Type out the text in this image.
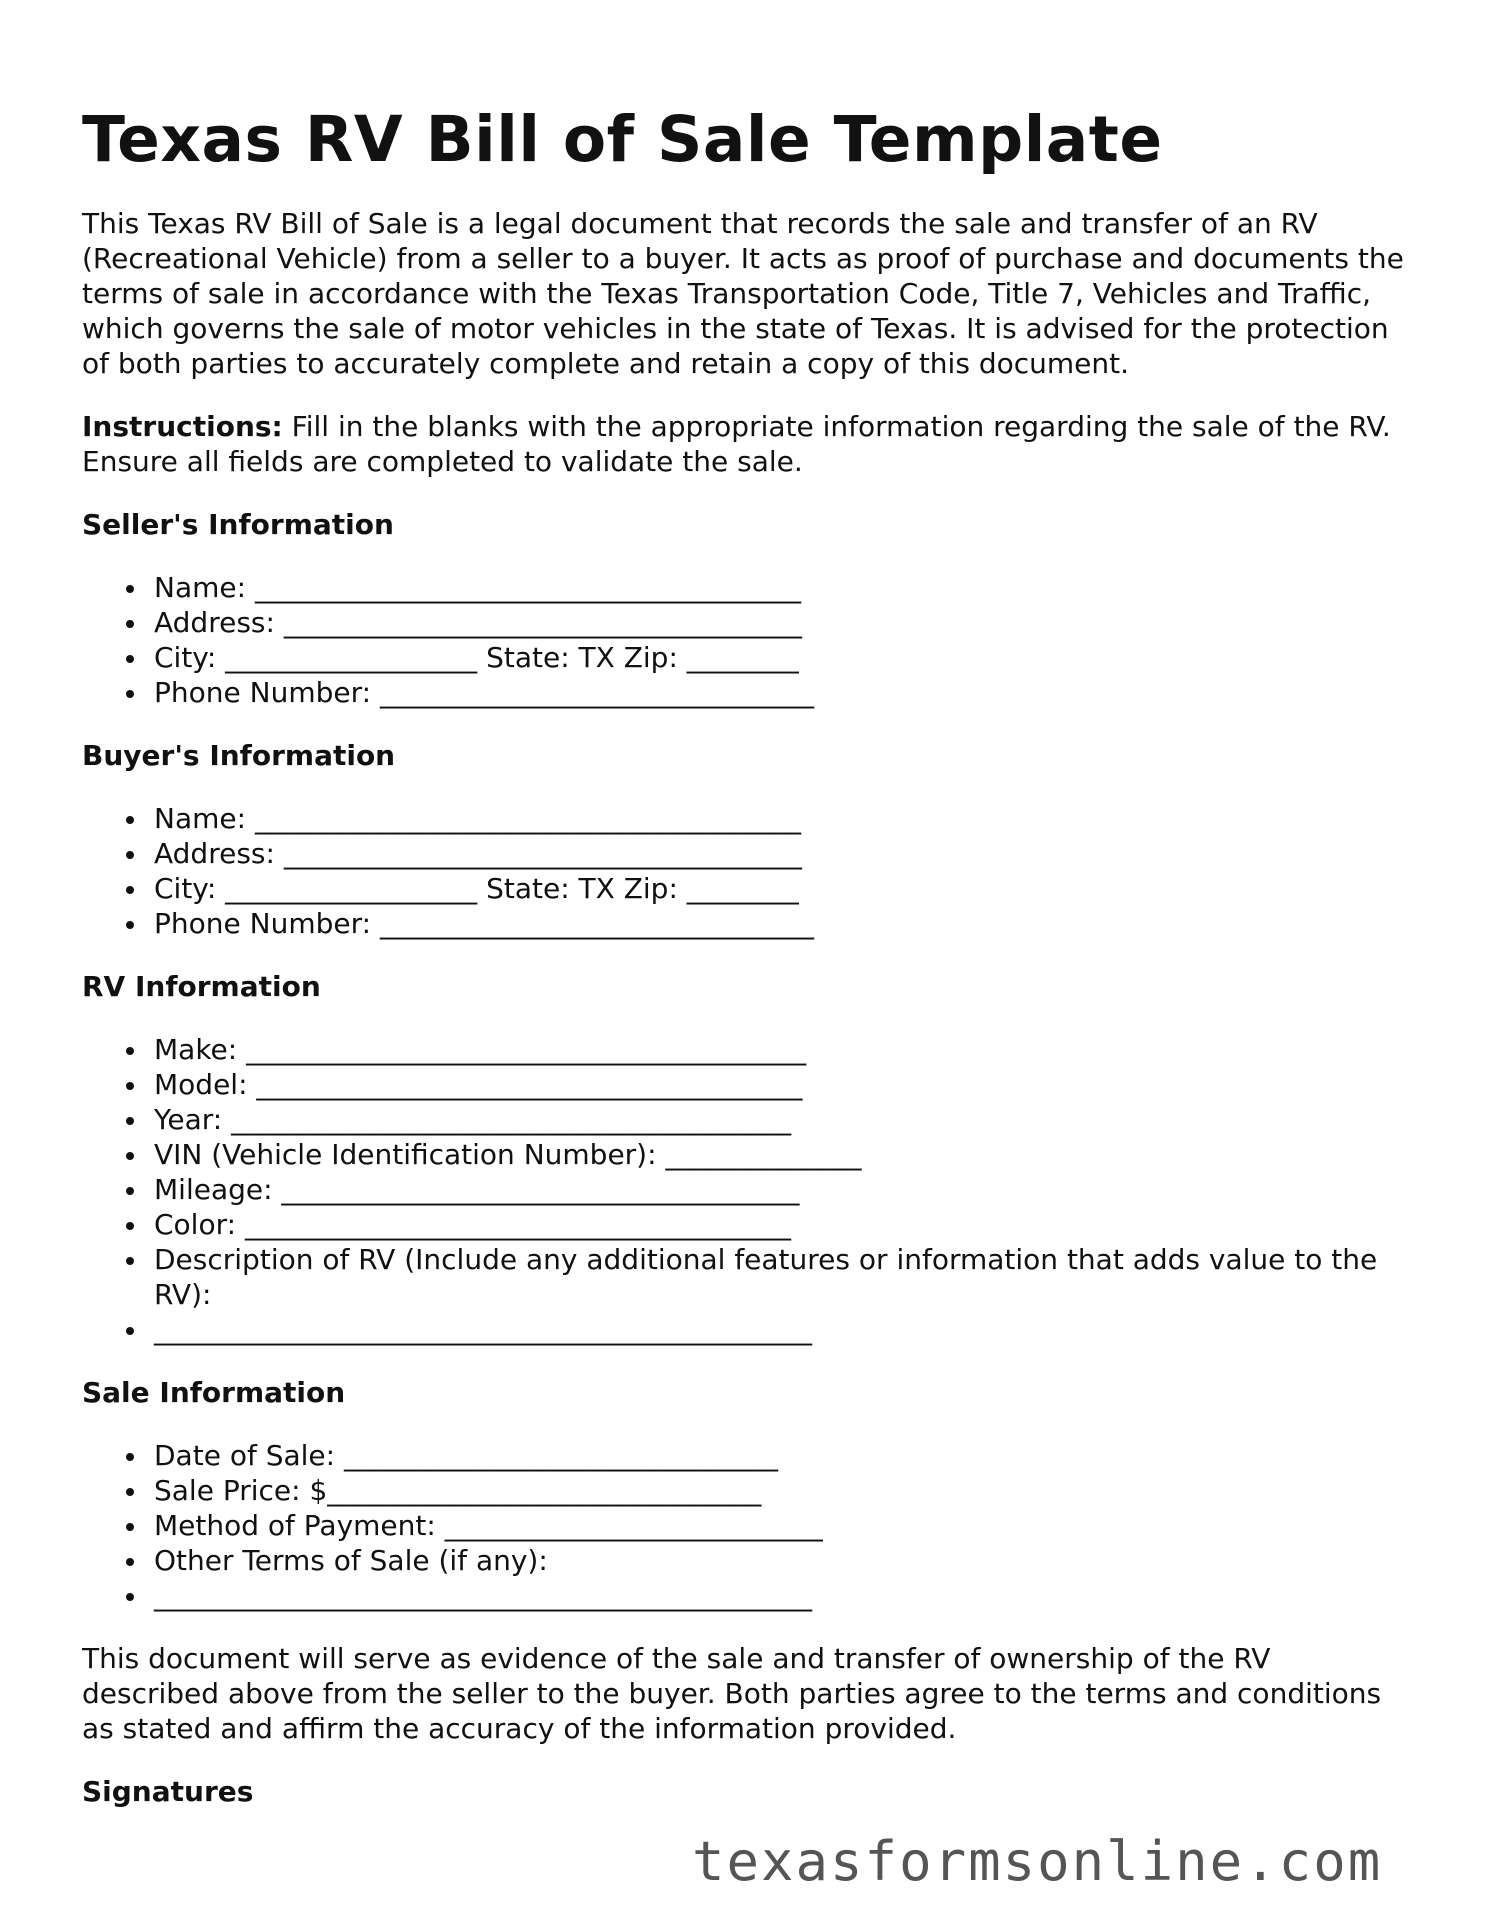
Texas RV Bill of Sale Template

This Texas RV Bill of Sale is a legal document that records the sale and transfer of an RV (Recreational Vehicle) from a seller to a buyer. It acts as proof of purchase and documents the terms of sale in accordance with the Texas Transportation Code, Title 7, Vehicles and Traffic, which governs the sale of motor vehicles in the state of Texas. It is advised for the protection of both parties to accurately complete and retain a copy of this document.

Instructions: Fill in the blanks with the appropriate information regarding the sale of the RV. Ensure all fields are completed to validate the sale.

Seller's Information
Name: _______________________________________
Address: _____________________________________
City: __________________ State: TX Zip: ________
Phone Number: _______________________________
Buyer's Information
Name: _______________________________________
Address: _____________________________________
City: __________________ State: TX Zip: ________
Phone Number: _______________________________
RV Information
Make: ________________________________________
Model: _______________________________________
Year: ________________________________________
VIN (Vehicle Identification Number): ______________
Mileage: _____________________________________
Color: _______________________________________
Description of RV (Include any additional features or information that adds value to the RV):
_______________________________________________
Sale Information
Date of Sale: _______________________________
Sale Price: $_______________________________
Method of Payment: ___________________________
Other Terms of Sale (if any):
_______________________________________________

This document will serve as evidence of the sale and transfer of ownership of the RV described above from the seller to the buyer. Both parties agree to the terms and conditions as stated and affirm the accuracy of the information provided.

Signatures
texasformsonline.com
